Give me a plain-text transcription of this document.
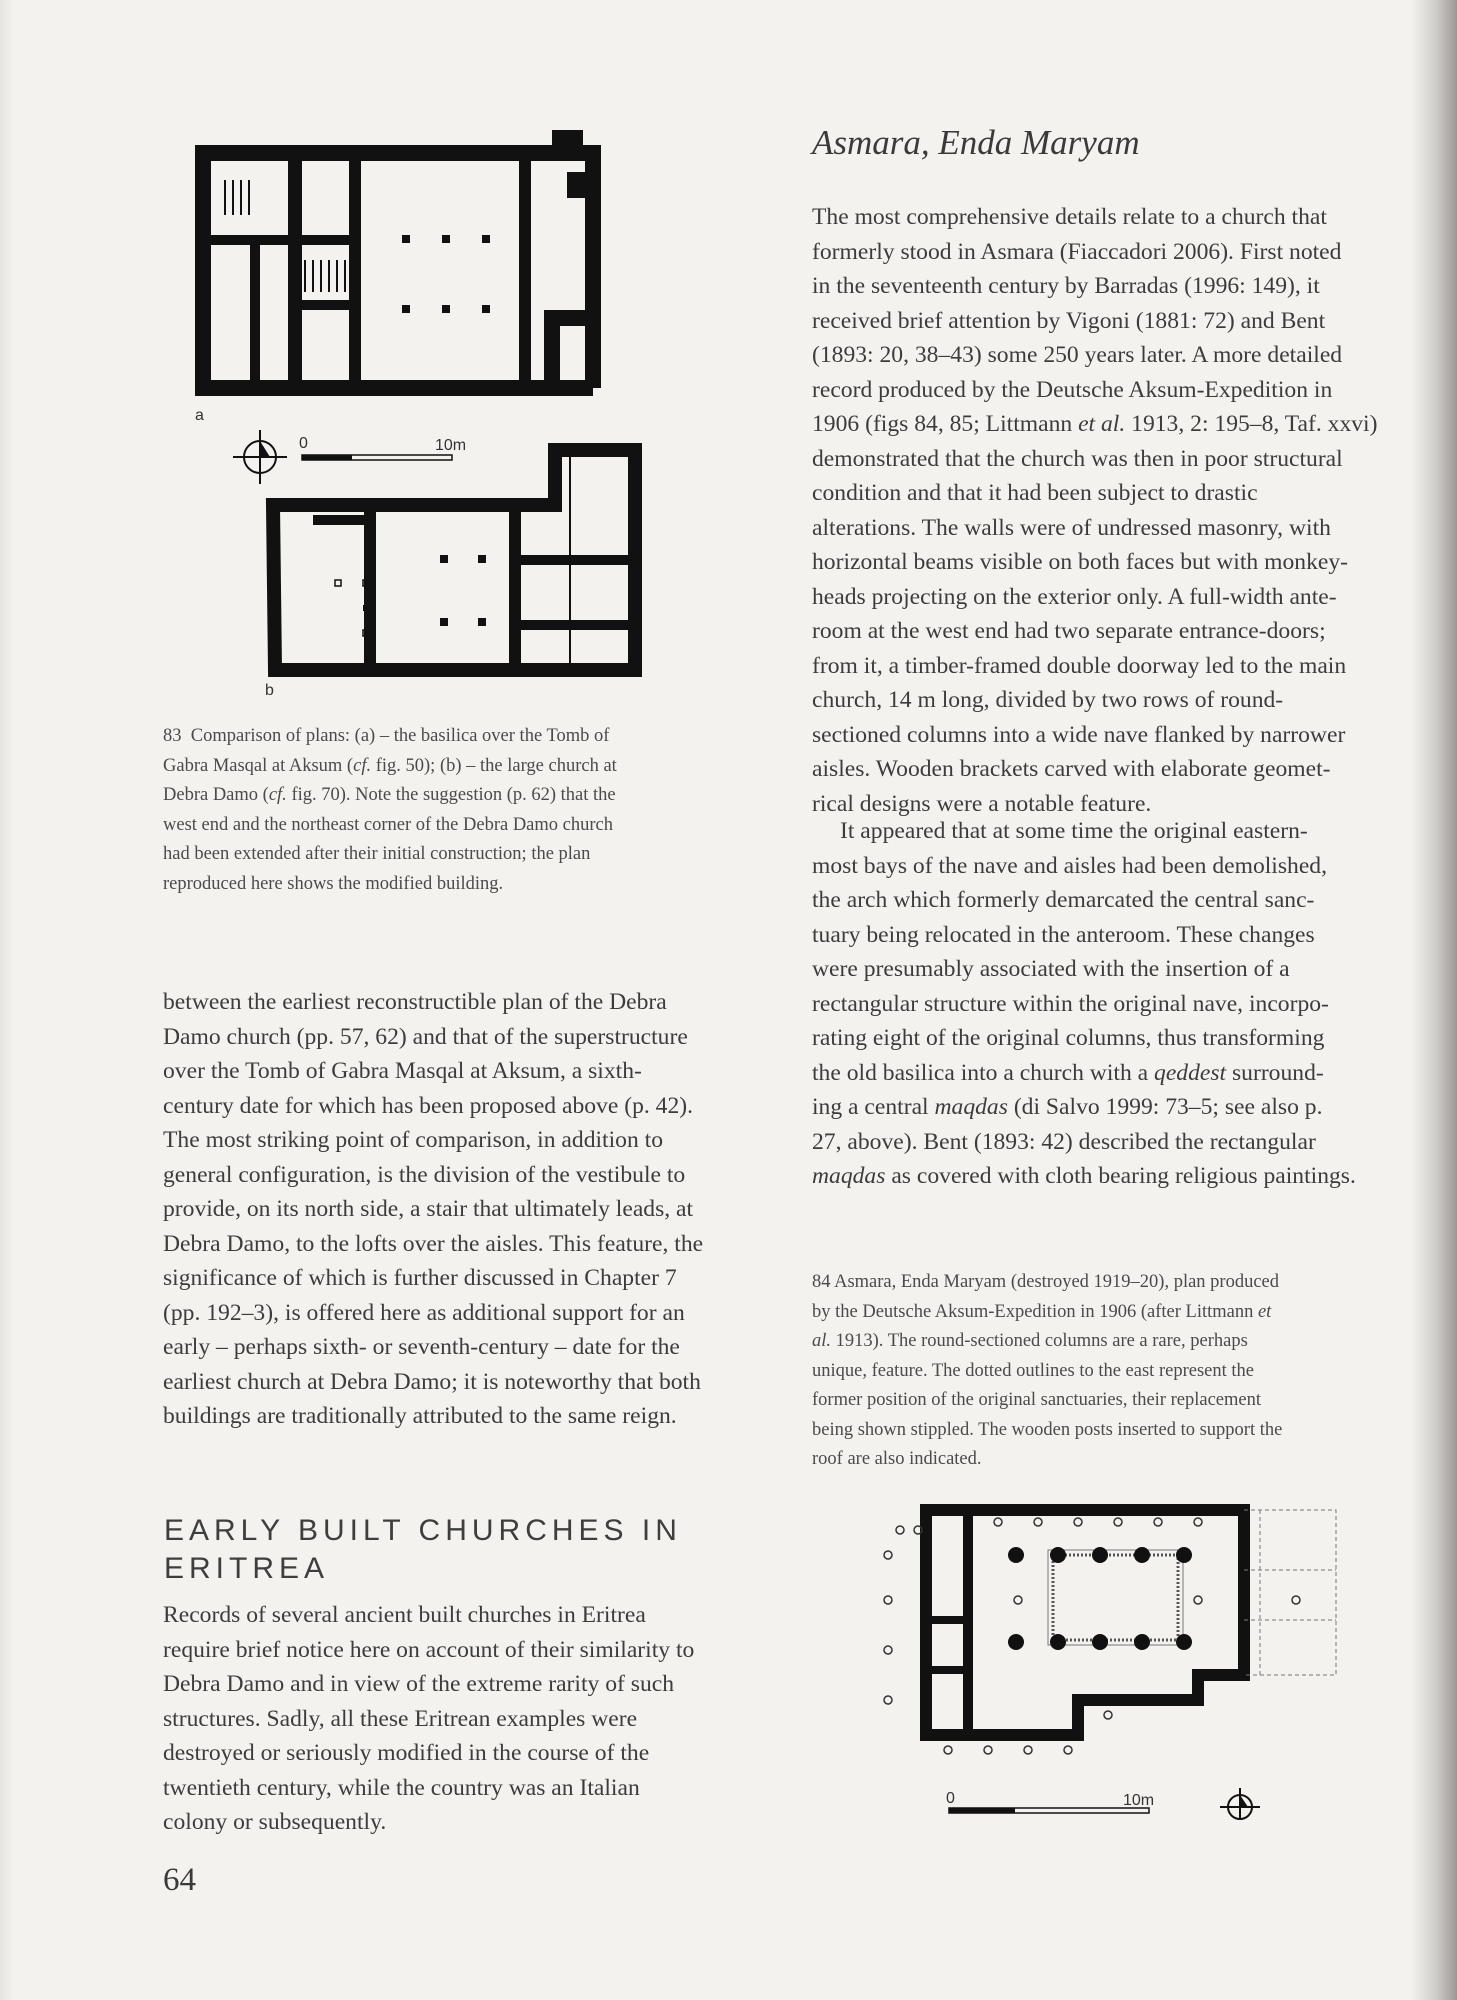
a
0	10m
b
83 Comparison of plans: (a) – the basilica over the Tomb of
Gabra Masqal at Aksum (cf. fig. 50); (b) – the large church at
Debra Damo (cf. fig. 70). Note the suggestion (p. 62) that the
west end and the northeast corner of the Debra Damo church
had been extended after their initial construction; the plan
reproduced here shows the modified building.
between the earliest reconstructible plan of the Debra
Damo church (pp. 57, 62) and that of the superstructure
over the Tomb of Gabra Masqal at Aksum, a sixth-
century date for which has been proposed above (p. 42).
The most striking point of comparison, in addition to
general configuration, is the division of the vestibule to
provide, on its north side, a stair that ultimately leads, at
Debra Damo, to the lofts over the aisles. This feature, the
significance of which is further discussed in Chapter 7
(pp. 192–3), is offered here as additional support for an
early – perhaps sixth- or seventh-century – date for the
earliest church at Debra Damo; it is noteworthy that both
buildings are traditionally attributed to the same reign.
EARLY BUILT CHURCHES IN
ERITREA
Records of several ancient built churches in Eritrea
require brief notice here on account of their similarity to
Debra Damo and in view of the extreme rarity of such
structures. Sadly, all these Eritrean examples were
destroyed or seriously modified in the course of the
twentieth century, while the country was an Italian
colony or subsequently.
64
Asmara, Enda Maryam
The most comprehensive details relate to a church that
formerly stood in Asmara (Fiaccadori 2006). First noted
in the seventeenth century by Barradas (1996: 149), it
received brief attention by Vigoni (1881: 72) and Bent
(1893: 20, 38–43) some 250 years later. A more detailed
record produced by the Deutsche Aksum-Expedition in
1906 (figs 84, 85; Littmann et al. 1913, 2: 195–8, Taf. xxvi)
demonstrated that the church was then in poor structural
condition and that it had been subject to drastic
alterations. The walls were of undressed masonry, with
horizontal beams visible on both faces but with monkey-
heads projecting on the exterior only. A full-width ante-
room at the west end had two separate entrance-doors;
from it, a timber-framed double doorway led to the main
church, 14 m long, divided by two rows of round-
sectioned columns into a wide nave flanked by narrower
aisles. Wooden brackets carved with elaborate geomet-
rical designs were a notable feature.
It appeared that at some time the original eastern-
most bays of the nave and aisles had been demolished,
the arch which formerly demarcated the central sanc-
tuary being relocated in the anteroom. These changes
were presumably associated with the insertion of a
rectangular structure within the original nave, incorpo-
rating eight of the original columns, thus transforming
the old basilica into a church with a qeddest surround-
ing a central maqdas (di Salvo 1999: 73–5; see also p.
27, above). Bent (1893: 42) described the rectangular
maqdas as covered with cloth bearing religious paintings.
84 Asmara, Enda Maryam (destroyed 1919–20), plan produced
by the Deutsche Aksum-Expedition in 1906 (after Littmann et
al. 1913). The round-sectioned columns are a rare, perhaps
unique, feature. The dotted outlines to the east represent the
former position of the original sanctuaries, their replacement
being shown stippled. The wooden posts inserted to support the
roof are also indicated.
0	10m
